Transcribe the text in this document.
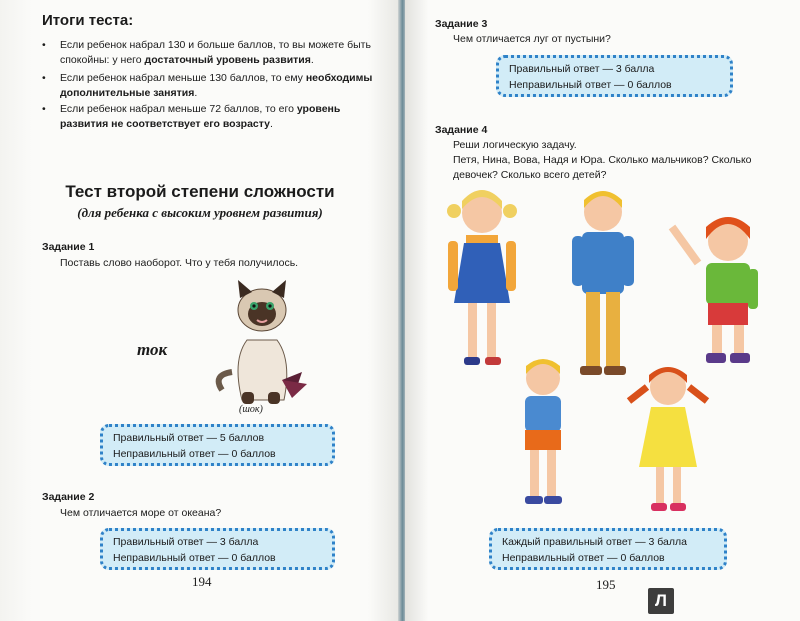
Итоги теста:
• Если ребенок набрал 130 и больше баллов, то вы можете быть спокойны: у него достаточный уровень развития.
• Если ребенок набрал меньше 130 баллов, то ему необходимы дополнительные занятия.
• Если ребенок набрал меньше 72 баллов, то его уровень развития не соответствует его возрасту.
Тест второй степени сложности
(для ребенка с высоким уровнем развития)
Задание 1
Поставь слово наоборот. Что у тебя получилось.
ток
(шок)
Правильный ответ — 5 баллов
Неправильный ответ — 0 баллов
Задание 2
Чем отличается море от океана?
Правильный ответ — 3 балла
Неправильный ответ — 0 баллов
194
Задание 3
Чем отличается луг от пустыни?
Правильный ответ — 3 балла
Неправильный ответ — 0 баллов
Задание 4
Реши логическую задачу.
Петя, Нина, Вова, Надя и Юра. Сколько мальчиков? Сколько
девочек? Сколько всего детей?
Каждый правильный ответ — 3 балла
Неправильный ответ — 0 баллов
195
Л
